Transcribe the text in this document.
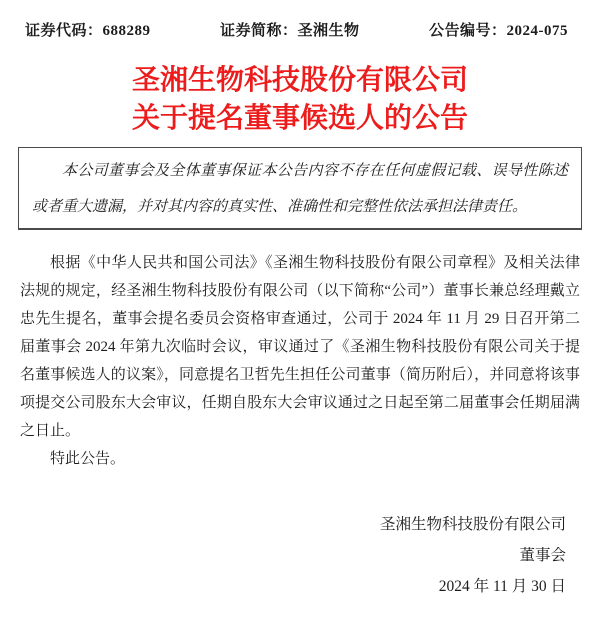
证券代码：688289	证券简称：圣湘生物	公告编号：2024-075
圣湘生物科技股份有限公司
关于提名董事候选人的公告

本公司董事会及全体董事保证本公告内容不存在任何虚假记载、误导性陈述或者重大遗漏，并对其内容的真实性、准确性和完整性依法承担法律责任。

根据《中华人民共和国公司法》《圣湘生物科技股份有限公司章程》及相关法律法规的规定，经圣湘生物科技股份有限公司（以下简称“公司”）董事长兼总经理戴立忠先生提名，董事会提名委员会资格审查通过，公司于 2024 年 11 月 29 日召开第二届董事会 2024 年第九次临时会议，审议通过了《圣湘生物科技股份有限公司关于提名董事候选人的议案》，同意提名卫哲先生担任公司董事（简历附后），并同意将该事项提交公司股东大会审议，任期自股东大会审议通过之日起至第二届董事会任期届满之日止。

特此公告。

圣湘生物科技股份有限公司
董事会
2024 年 11 月 30 日
